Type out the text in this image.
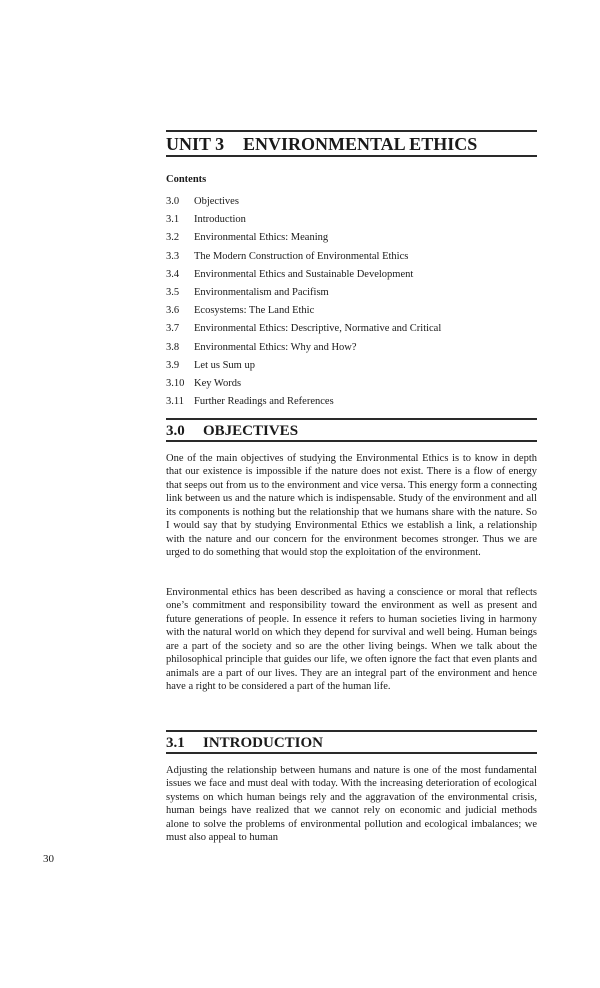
UNIT 3 ENVIRONMENTAL ETHICS
Contents
3.0 Objectives
3.1 Introduction
3.2 Environmental Ethics: Meaning
3.3 The Modern Construction of Environmental Ethics
3.4 Environmental Ethics and Sustainable Development
3.5 Environmentalism and Pacifism
3.6 Ecosystems: The Land Ethic
3.7 Environmental Ethics: Descriptive, Normative and Critical
3.8 Environmental Ethics: Why and How?
3.9 Let us Sum up
3.10 Key Words
3.11 Further Readings and References
3.0 OBJECTIVES

One of the main objectives of studying the Environmental Ethics is to know in depth that our existence is impossible if the nature does not exist. There is a flow of energy that seeps out from us to the environment and vice versa. This energy form a connecting link between us and the nature which is indispensable. Study of the environment and all its components is nothing but the relationship that we humans share with the nature. So I would say that by studying Environmental Ethics we establish a link, a relationship with the nature and our concern for the environment becomes stronger. Thus we are urged to do something that would stop the exploitation of the environment.

Environmental ethics has been described as having a conscience or moral that reflects one’s commitment and responsibility toward the environment as well as present and future generations of people. In essence it refers to human societies living in harmony with the natural world on which they depend for survival and well being. Human beings are a part of the society and so are the other living beings. When we talk about the philosophical principle that guides our life, we often ignore the fact that even plants and animals are a part of our lives. They are an integral part of the environment and hence have a right to be considered a part of the human life.

3.1 INTRODUCTION

Adjusting the relationship between humans and nature is one of the most fundamental issues we face and must deal with today. With the increasing deterioration of ecological systems on which human beings rely and the aggravation of the environmental crisis, human beings have realized that we cannot rely on economic and judicial methods alone to solve the problems of environmental pollution and ecological imbalances; we must also appeal to human

30
